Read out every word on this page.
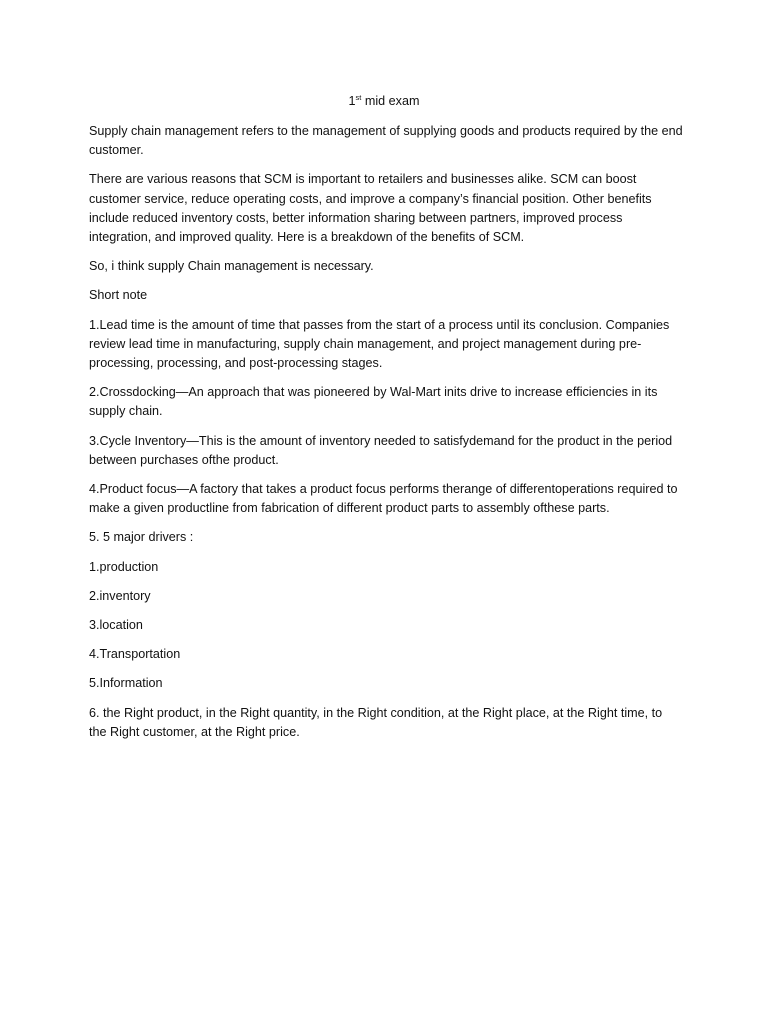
1st mid exam

Supply chain management refers to the management of supplying goods and products required by the end customer.

There are various reasons that SCM is important to retailers and businesses alike. SCM can boost customer service, reduce operating costs, and improve a company’s financial position. Other benefits include reduced inventory costs, better information sharing between partners, improved process integration, and improved quality. Here is a breakdown of the benefits of SCM.

So, i think supply Chain management is necessary.

Short note

1.Lead time is the amount of time that passes from the start of a process until its conclusion. Companies review lead time in manufacturing, supply chain management, and project management during pre-processing, processing, and post-processing stages.

2.Crossdocking—An approach that was pioneered by Wal-Mart inits drive to increase efficiencies in its supply chain.

3.Cycle Inventory—This is the amount of inventory needed to satisfydemand for the product in the period between purchases ofthe product.

4.Product focus—A factory that takes a product focus performs therange of differentoperations required to make a given productline from fabrication of different product parts to assembly ofthese parts.

5. 5 major drivers :

1.production

2.inventory

3.location

4.Transportation

5.Information

6. the Right product, in the Right quantity, in the Right condition, at the Right place, at the Right time, to the Right customer, at the Right price.
